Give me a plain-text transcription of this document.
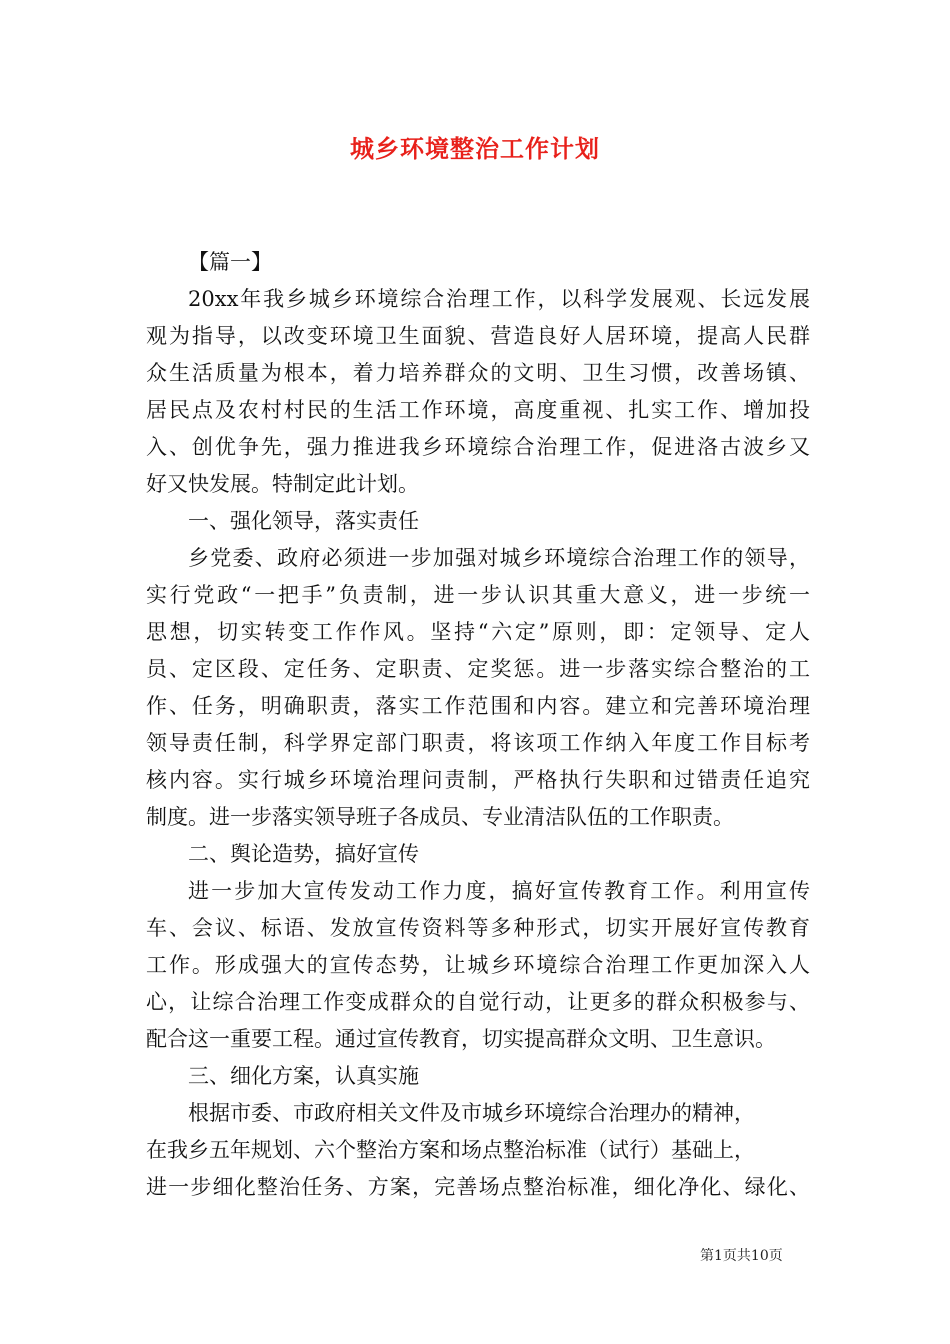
城乡环境整治工作计划
【篇一】
20xx年我乡城乡环境综合治理工作，以科学发展观、长远发展
观为指导，以改变环境卫生面貌、营造良好人居环境，提高人民群
众生活质量为根本，着力培养群众的文明、卫生习惯，改善场镇、
居民点及农村村民的生活工作环境，高度重视、扎实工作、增加投
入、创优争先，强力推进我乡环境综合治理工作，促进洛古波乡又
好又快发展。特制定此计划。
一、强化领导，落实责任
乡党委、政府必须进一步加强对城乡环境综合治理工作的领导，
实行党政“一把手”负责制，进一步认识其重大意义，进一步统一
思想，切实转变工作作风。坚持“六定”原则，即：定领导、定人
员、定区段、定任务、定职责、定奖惩。进一步落实综合整治的工
作、任务，明确职责，落实工作范围和内容。建立和完善环境治理
领导责任制，科学界定部门职责，将该项工作纳入年度工作目标考
核内容。实行城乡环境治理问责制，严格执行失职和过错责任追究
制度。进一步落实领导班子各成员、专业清洁队伍的工作职责。
二、舆论造势，搞好宣传
进一步加大宣传发动工作力度，搞好宣传教育工作。利用宣传
车、会议、标语、发放宣传资料等多种形式，切实开展好宣传教育
工作。形成强大的宣传态势，让城乡环境综合治理工作更加深入人
心，让综合治理工作变成群众的自觉行动，让更多的群众积极参与、
配合这一重要工程。通过宣传教育，切实提高群众文明、卫生意识。
三、细化方案，认真实施
根据市委、市政府相关文件及市城乡环境综合治理办的精神，
在我乡五年规划、六个整治方案和场点整治标准（试行）基础上，
进一步细化整治任务、方案，完善场点整治标准，细化净化、绿化、
第1页共10页
